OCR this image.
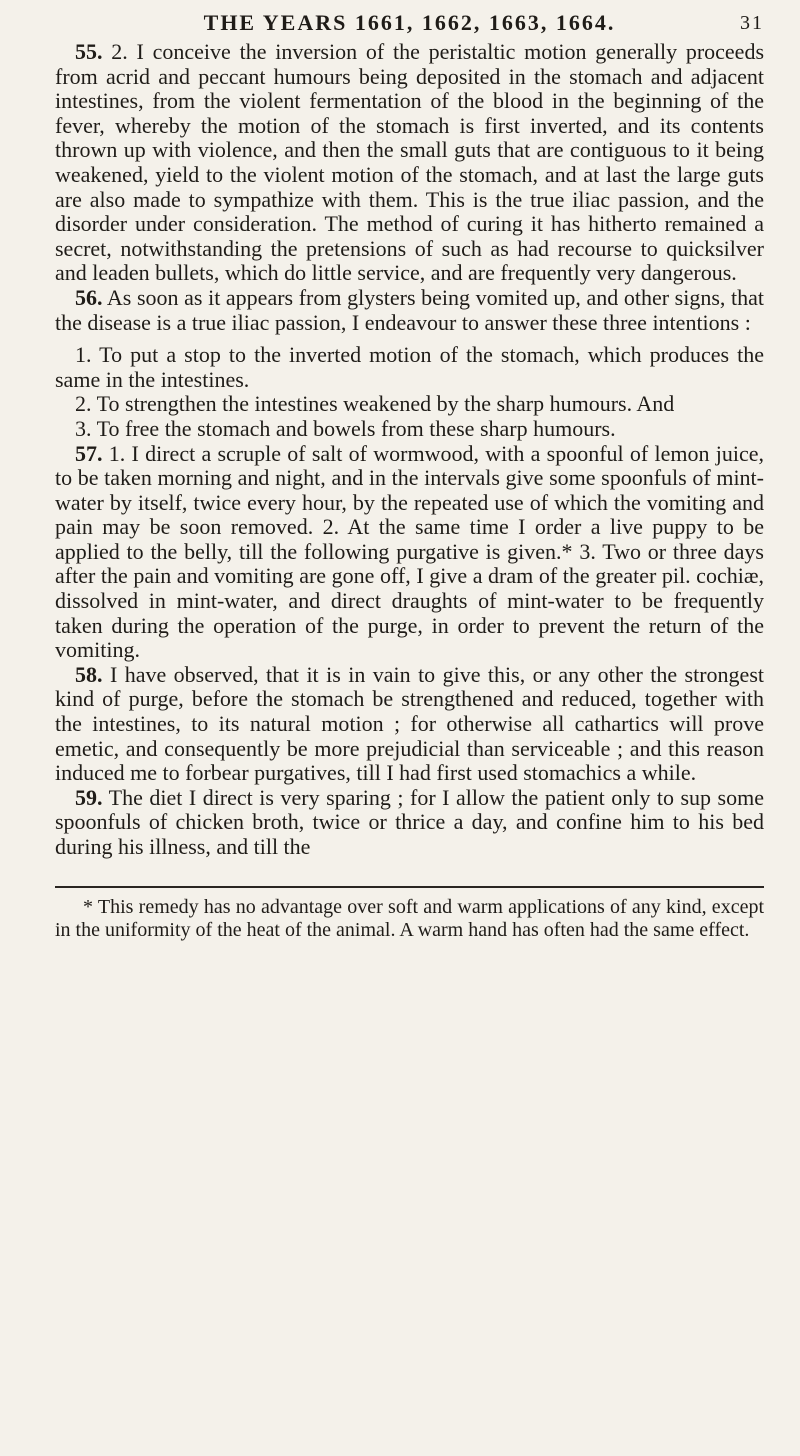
THE YEARS 1661, 1662, 1663, 1664.	31

55. 2. I conceive the inversion of the peristaltic motion generally proceeds from acrid and peccant humours being deposited in the stomach and adjacent intestines, from the violent fermentation of the blood in the beginning of the fever, whereby the motion of the stomach is first inverted, and its contents thrown up with violence, and then the small guts that are contiguous to it being weakened, yield to the violent motion of the stomach, and at last the large guts are also made to sympathize with them. This is the true iliac passion, and the disorder under consideration. The method of curing it has hitherto remained a secret, notwithstanding the pretensions of such as had recourse to quicksilver and leaden bullets, which do little service, and are frequently very dangerous.

56. As soon as it appears from glysters being vomited up, and other signs, that the disease is a true iliac passion, I endeavour to answer these three intentions :

1. To put a stop to the inverted motion of the stomach, which produces the same in the intestines.

2. To strengthen the intestines weakened by the sharp humours. And

3. To free the stomach and bowels from these sharp humours.

57. 1. I direct a scruple of salt of wormwood, with a spoonful of lemon juice, to be taken morning and night, and in the intervals give some spoonfuls of mint-water by itself, twice every hour, by the repeated use of which the vomiting and pain may be soon removed. 2. At the same time I order a live puppy to be applied to the belly, till the following purgative is given.* 3. Two or three days after the pain and vomiting are gone off, I give a dram of the greater pil. cochiæ, dissolved in mint-water, and direct draughts of mint-water to be frequently taken during the operation of the purge, in order to prevent the return of the vomiting.

58. I have observed, that it is in vain to give this, or any other the strongest kind of purge, before the stomach be strengthened and reduced, together with the intestines, to its natural motion ; for otherwise all cathartics will prove emetic, and consequently be more prejudicial than serviceable ; and this reason induced me to forbear purgatives, till I had first used stomachics a while.

59. The diet I direct is very sparing ; for I allow the patient only to sup some spoonfuls of chicken broth, twice or thrice a day, and confine him to his bed during his illness, and till the

* This remedy has no advantage over soft and warm applications of any kind, except in the uniformity of the heat of the animal. A warm hand has often had the same effect.
